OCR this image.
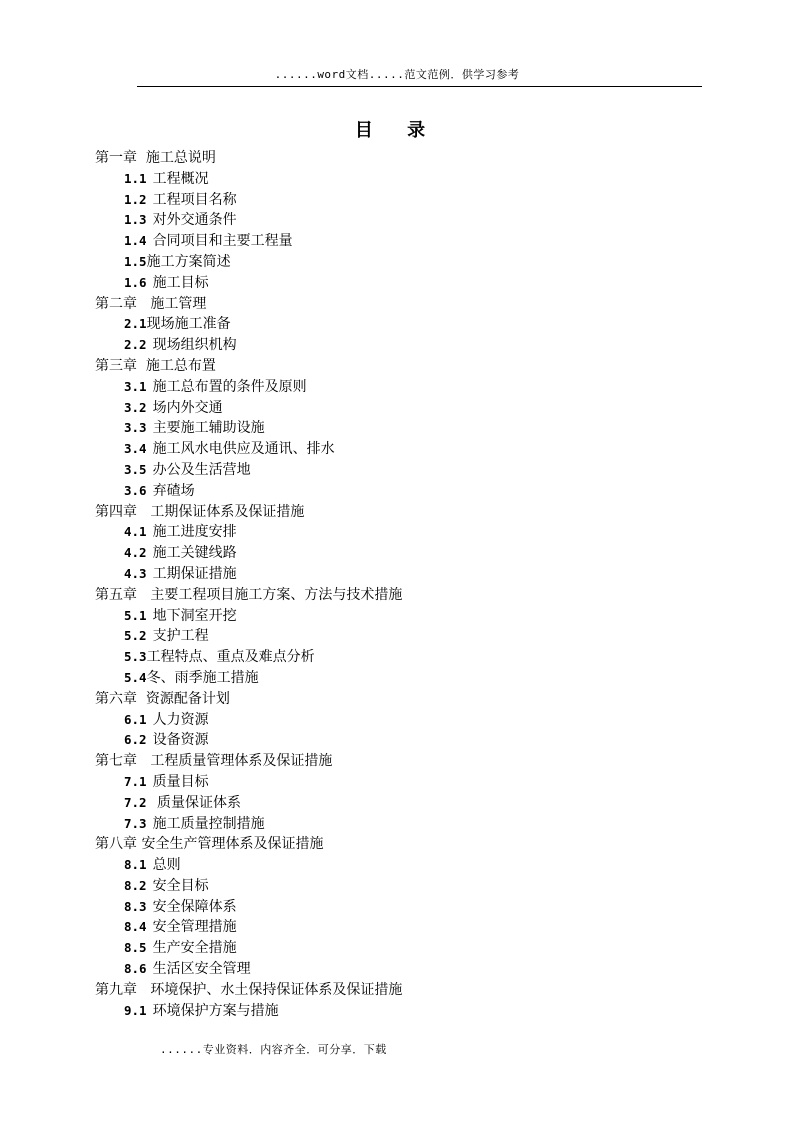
......word文档.....范文范例．供学习参考
目 录
第一章  施工总说明
1.1 工程概况
1.2 工程项目名称
1.3 对外交通条件
1.4 合同项目和主要工程量
1.5施工方案简述
1.6 施工目标
第二章   施工管理
2.1现场施工准备
2.2 现场组织机构
第三章  施工总布置
3.1 施工总布置的条件及原则
3.2 场内外交通
3.3 主要施工辅助设施
3.4 施工风水电供应及通讯、排水
3.5 办公及生活营地
3.6 弃碴场
第四章   工期保证体系及保证措施
4.1 施工进度安排
4.2 施工关键线路
4.3 工期保证措施
第五章   主要工程项目施工方案、方法与技术措施
5.1 地下洞室开挖
5.2 支护工程
5.3工程特点、重点及难点分析
5.4冬、雨季施工措施
第六章  资源配备计划
6.1 人力资源
6.2 设备资源
第七章   工程质量管理体系及保证措施
7.1 质量目标
7.2 质量保证体系
7.3 施工质量控制措施
第八章 安全生产管理体系及保证措施
8.1 总则
8.2 安全目标
8.3 安全保障体系
8.4 安全管理措施
8.5 生产安全措施
8.6 生活区安全管理
第九章   环境保护、水土保持保证体系及保证措施
9.1 环境保护方案与措施
......专业资料．内容齐全．可分享．下载
